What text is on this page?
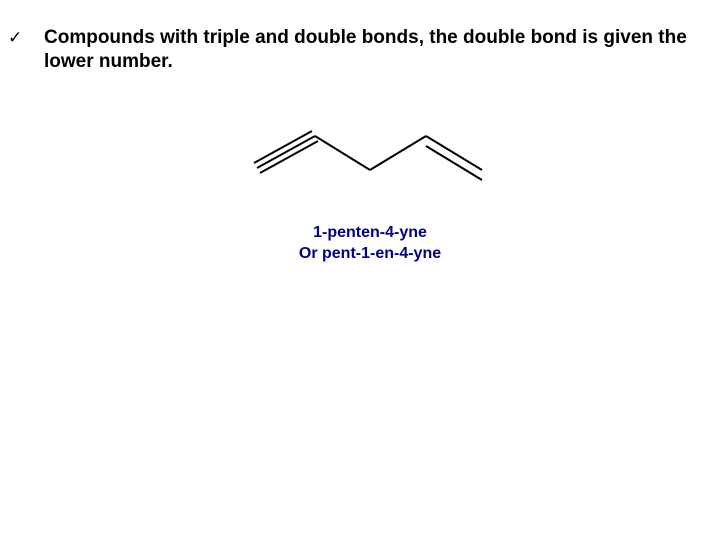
✓ Compounds with triple and double bonds, the double bond is given the lower number.
1-penten-4-yne
Or pent-1-en-4-yne
